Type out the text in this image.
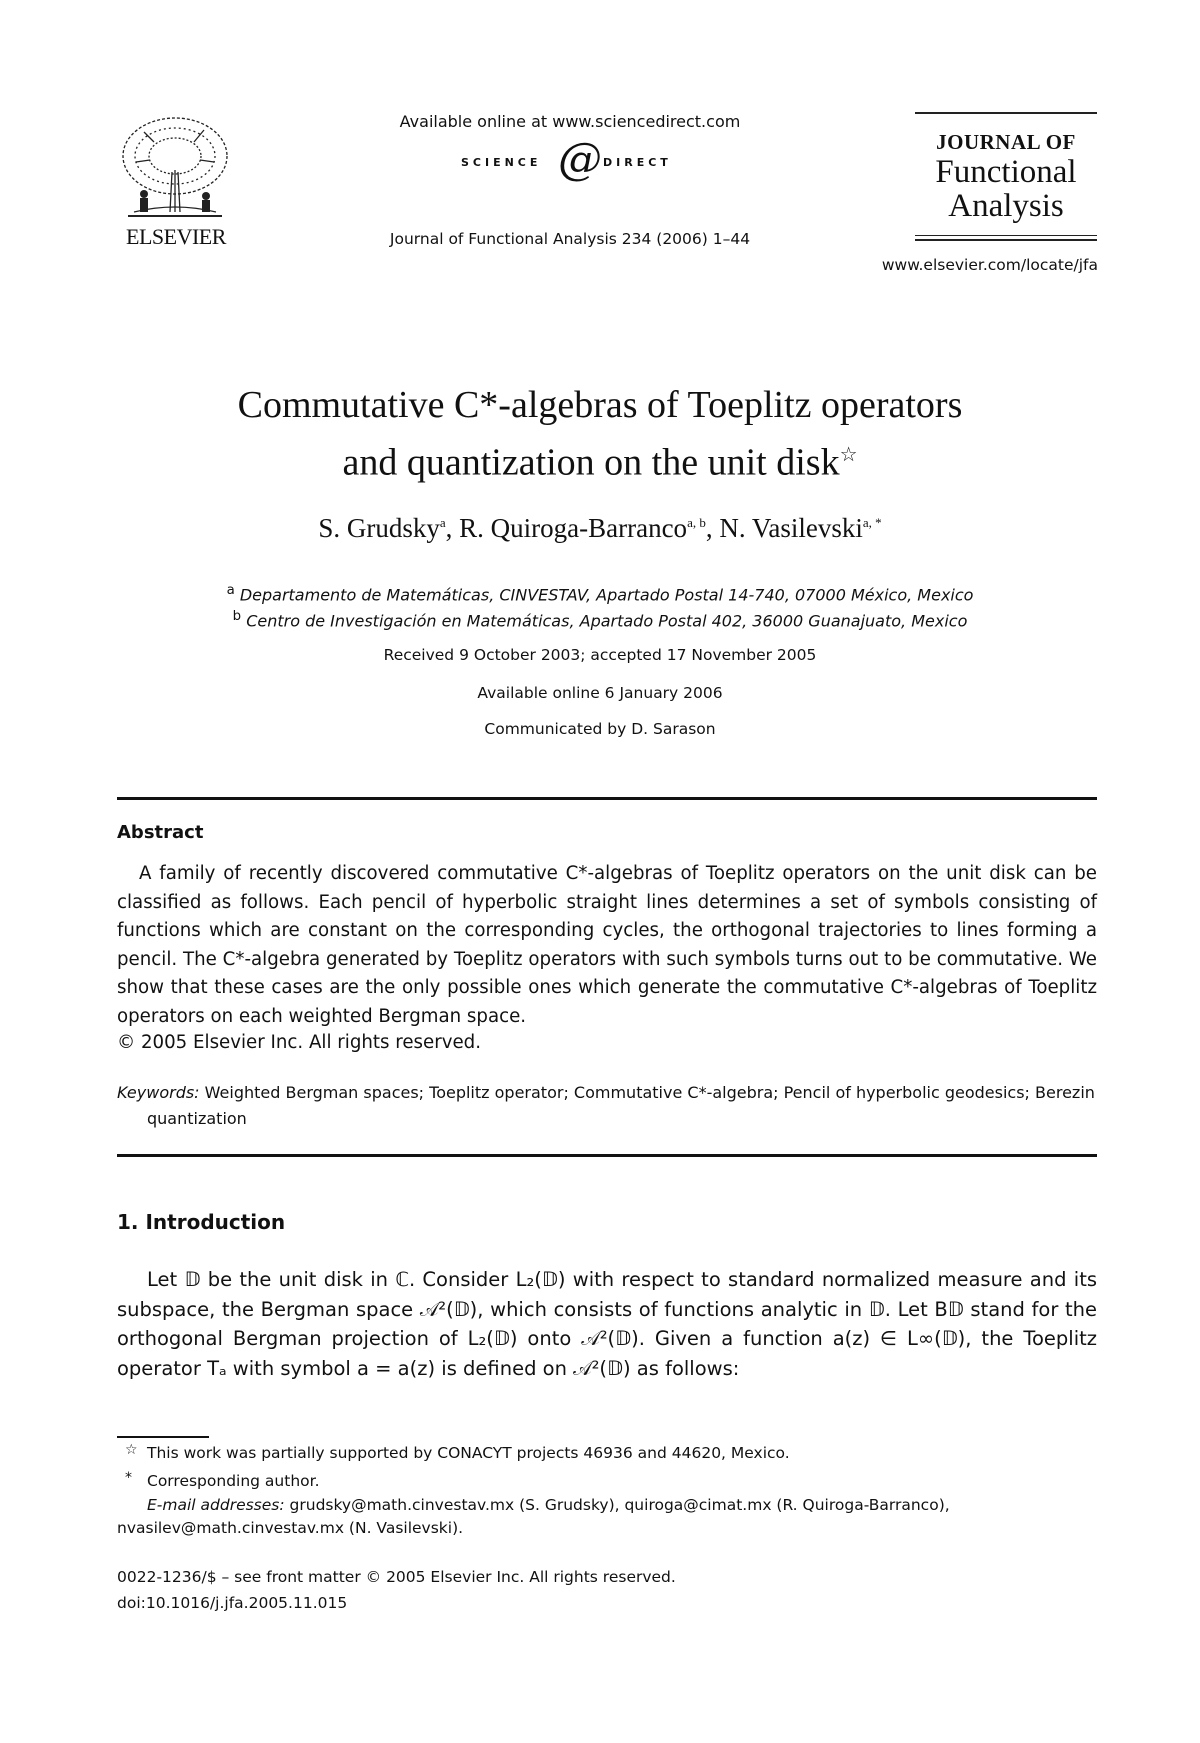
ELSEVIER
Available online at www.sciencedirect.com
SCIENCE @ DIRECT
Journal of Functional Analysis 234 (2006) 1–44
JOURNAL OF
Functional
Analysis
www.elsevier.com/locate/jfa
Commutative C*-algebras of Toeplitz operators
and quantization on the unit disk☆
S. Grudsky$^a$, R. Quiroga-Barranco$^{a, b}$, N. Vasilevski$^{a, *}$
$^a$ Departamento de Matemáticas, CINVESTAV, Apartado Postal 14-740, 07000 México, Mexico
$^b$ Centro de Investigación en Matemáticas, Apartado Postal 402, 36000 Guanajuato, Mexico
Received 9 October 2003; accepted 17 November 2005
Available online 6 January 2006
Communicated by D. Sarason
Abstract
A family of recently discovered commutative C*-algebras of Toeplitz operators on the unit disk can be classified as follows. Each pencil of hyperbolic straight lines determines a set of symbols consisting of functions which are constant on the corresponding cycles, the orthogonal trajectories to lines forming a pencil. The C*-algebra generated by Toeplitz operators with such symbols turns out to be commutative. We show that these cases are the only possible ones which generate the commutative C*-algebras of Toeplitz operators on each weighted Bergman space.
© 2005 Elsevier Inc. All rights reserved.
Keywords: Weighted Bergman spaces; Toeplitz operator; Commutative C*-algebra; Pencil of hyperbolic geodesics; Berezin quantization
1. Introduction
Let 𝔻 be the unit disk in ℂ. Consider L₂(𝔻) with respect to standard normalized measure and its subspace, the Bergman space 𝒜²(𝔻), which consists of functions analytic in 𝔻. Let B𝔻 stand for the orthogonal Bergman projection of L₂(𝔻) onto 𝒜²(𝔻). Given a function a(z) ∈ L∞(𝔻), the Toeplitz operator Tₐ with symbol a = a(z) is defined on 𝒜²(𝔻) as follows:
☆ This work was partially supported by CONACYT projects 46936 and 44620, Mexico.
* Corresponding author.
E-mail addresses: grudsky@math.cinvestav.mx (S. Grudsky), quiroga@cimat.mx (R. Quiroga-Barranco),
nvasilev@math.cinvestav.mx (N. Vasilevski).
0022-1236/$ – see front matter © 2005 Elsevier Inc. All rights reserved.
doi:10.1016/j.jfa.2005.11.015
